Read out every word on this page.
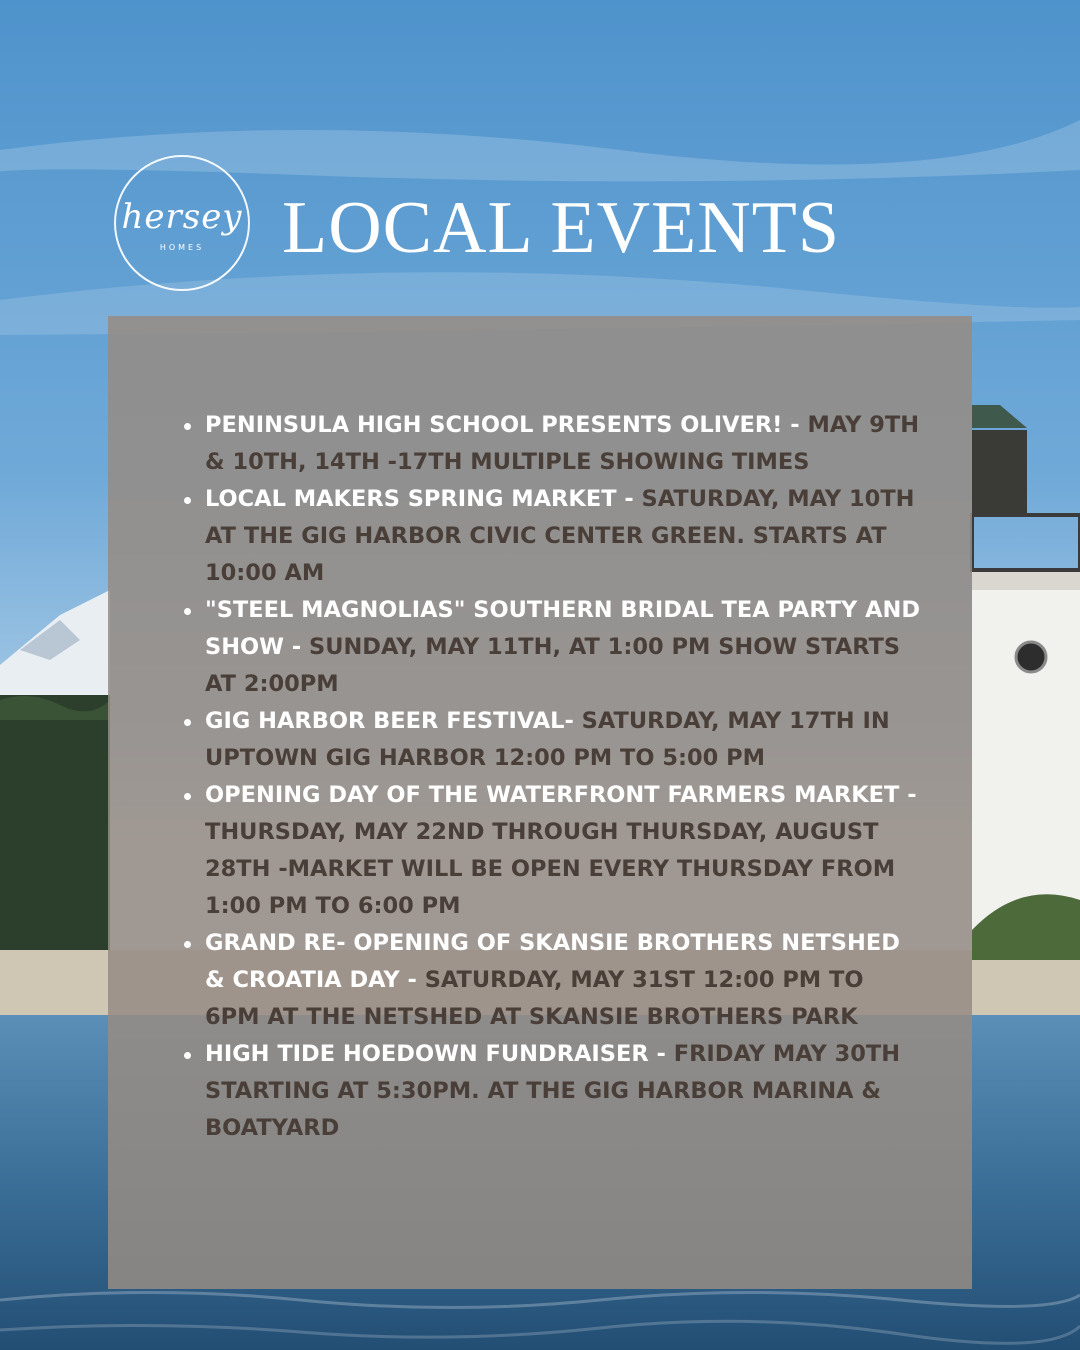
hersey
HOMES	LOCAL EVENTS
PENINSULA HIGH SCHOOL PRESENTS OLIVER! - MAY 9TH & 10TH, 14TH -17TH MULTIPLE SHOWING TIMES
LOCAL MAKERS SPRING MARKET - SATURDAY, MAY 10TH AT THE GIG HARBOR CIVIC CENTER GREEN. STARTS AT 10:00 AM
"STEEL MAGNOLIAS" SOUTHERN BRIDAL TEA PARTY AND SHOW - SUNDAY, MAY 11TH, AT 1:00 PM SHOW STARTS AT 2:00PM
GIG HARBOR BEER FESTIVAL- SATURDAY, MAY 17TH IN UPTOWN GIG HARBOR 12:00 PM TO 5:00 PM
OPENING DAY OF THE WATERFRONT FARMERS MARKET - THURSDAY, MAY 22ND THROUGH THURSDAY, AUGUST 28TH -MARKET WILL BE OPEN EVERY THURSDAY FROM 1:00 PM TO 6:00 PM
GRAND RE- OPENING OF SKANSIE BROTHERS NETSHED & CROATIA DAY - SATURDAY, MAY 31ST 12:00 PM TO 6PM AT THE NETSHED AT SKANSIE BROTHERS PARK
HIGH TIDE HOEDOWN FUNDRAISER - FRIDAY MAY 30TH STARTING AT 5:30PM. AT THE GIG HARBOR MARINA & BOATYARD
